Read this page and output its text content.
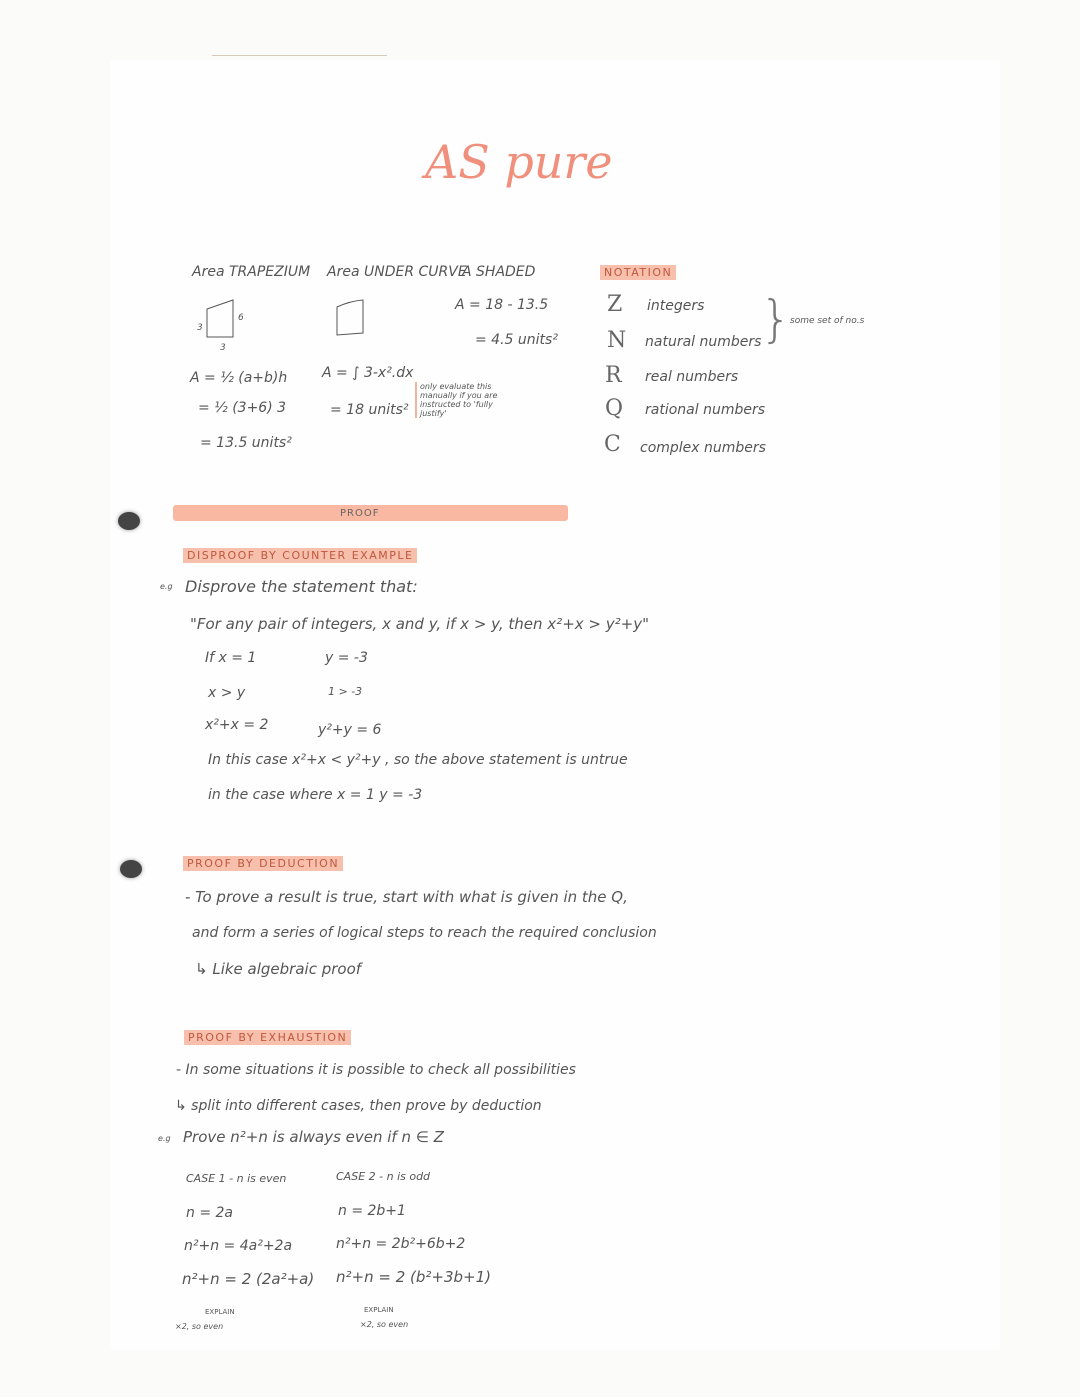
AS pure
Area TRAPEZIUM
3
6
3
A = ½ (a+b)h
= ½ (3+6) 3
= 13.5 units²
Area UNDER CURVE
A = ∫ 3-x².dx
= 18 units²
only evaluate this manually if you are instructed to 'fully justify'
A SHADED
A = 18 - 13.5
= 4.5 units²
NOTATION
Z integers
N natural numbers
R real numbers
Q rational numbers
C complex numbers
}
some set of no.s
PROOF
DISPROOF BY COUNTER EXAMPLE
e.g Disprove the statement that:
"For any pair of integers, x and y, if x > y, then x²+x > y²+y"
If x = 1	y = -3
x > y	1 > -3
x²+x = 2	y²+y = 6
In this case x²+x < y²+y , so the above statement is untrue
in the case where x = 1 y = -3
PROOF BY DEDUCTION
- To prove a result is true, start with what is given in the Q,
and form a series of logical steps to reach the required conclusion
↳ Like algebraic proof
PROOF BY EXHAUSTION
- In some situations it is possible to check all possibilities
↳ split into different cases, then prove by deduction
e.g Prove n²+n is always even if n ∈ Z
CASE 1 - n is even
n = 2a
n²+n = 4a²+2a
n²+n = 2 (2a²+a)
EXPLAIN
×2, so even
CASE 2 - n is odd
n = 2b+1
n²+n = 2b²+6b+2
n²+n = 2 (b²+3b+1)
EXPLAIN
×2, so even
